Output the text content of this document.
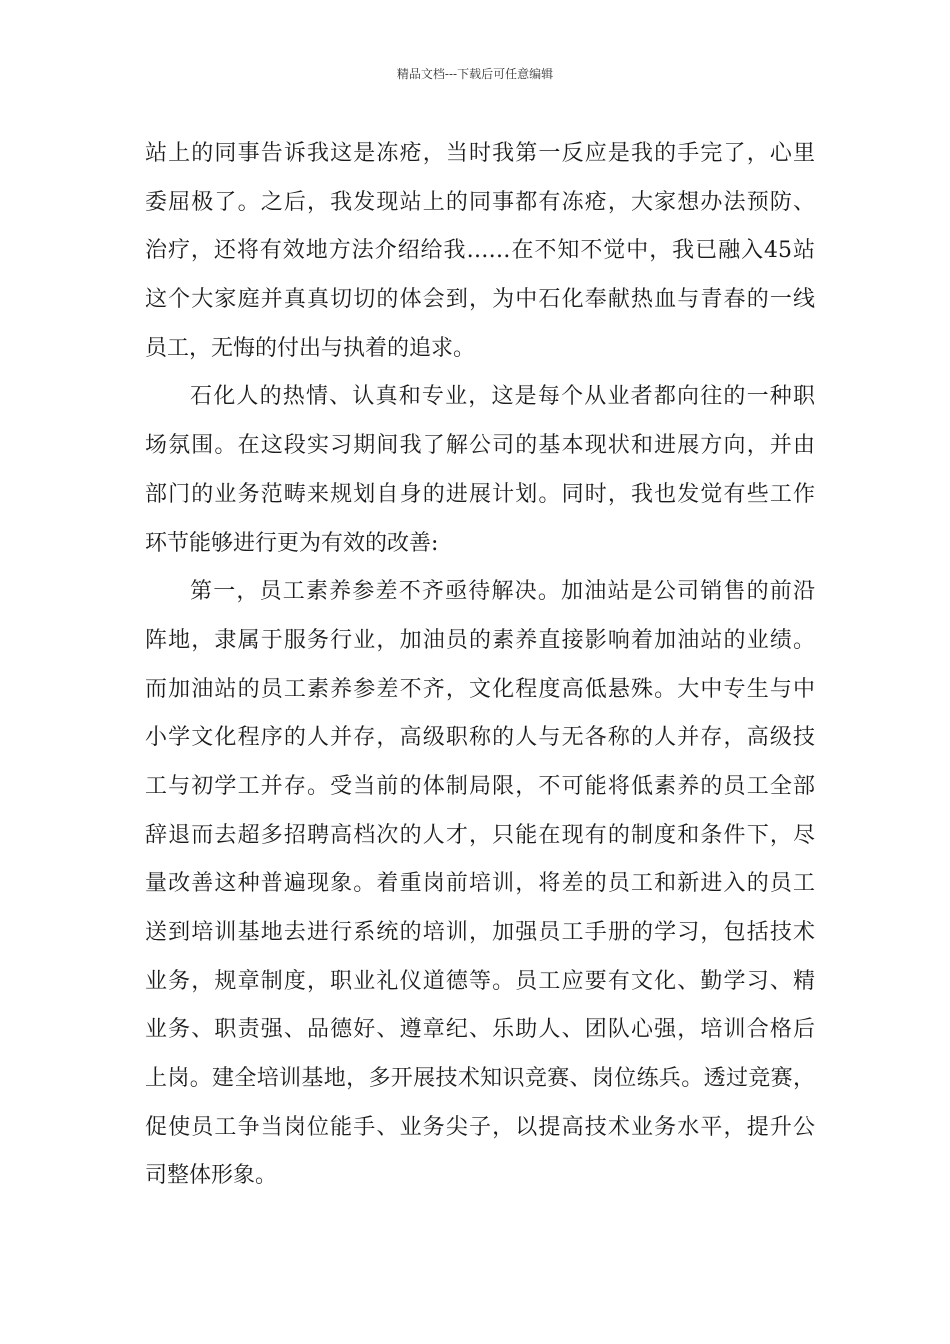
精品文档---下载后可任意编辑
站上的同事告诉我这是冻疮，当时我第一反应是我的手完了，心里
委屈极了。之后，我发现站上的同事都有冻疮，大家想办法预防、
治疗，还将有效地方法介绍给我……在不知不觉中，我已融入45站
这个大家庭并真真切切的体会到，为中石化奉献热血与青春的一线
员工，无悔的付出与执着的追求。
石化人的热情、认真和专业，这是每个从业者都向往的一种职
场氛围。在这段实习期间我了解公司的基本现状和进展方向，并由
部门的业务范畴来规划自身的进展计划。同时，我也发觉有些工作
环节能够进行更为有效的改善:
第一，员工素养参差不齐亟待解决。加油站是公司销售的前沿
阵地，隶属于服务行业，加油员的素养直接影响着加油站的业绩。
而加油站的员工素养参差不齐，文化程度高低悬殊。大中专生与中
小学文化程序的人并存，高级职称的人与无各称的人并存，高级技
工与初学工并存。受当前的体制局限，不可能将低素养的员工全部
辞退而去超多招聘高档次的人才，只能在现有的制度和条件下，尽
量改善这种普遍现象。着重岗前培训，将差的员工和新进入的员工
送到培训基地去进行系统的培训，加强员工手册的学习，包括技术
业务，规章制度，职业礼仪道德等。员工应要有文化、勤学习、精
业务、职责强、品德好、遵章纪、乐助人、团队心强，培训合格后
上岗。建全培训基地，多开展技术知识竞赛、岗位练兵。透过竞赛，
促使员工争当岗位能手、业务尖子，以提高技术业务水平，提升公
司整体形象。
